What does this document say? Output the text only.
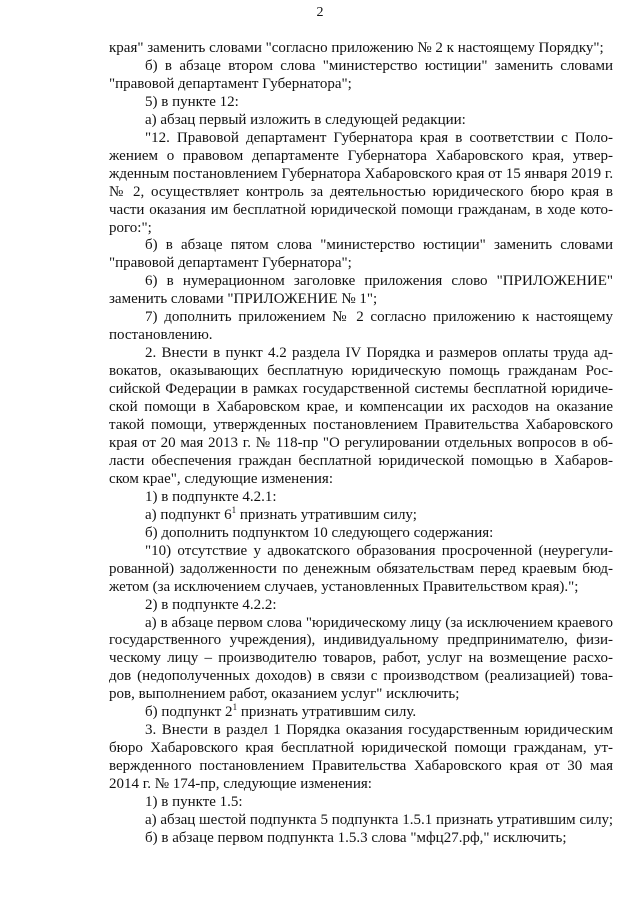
2
края" заменить словами "согласно приложению № 2 к настоящему Порядку";
б) в абзаце втором слова "министерство юстиции" заменить словами
"правовой департамент Губернатора";
5) в пункте 12:
а) абзац первый изложить в следующей редакции:
"12. Правовой департамент Губернатора края в соответствии с Поло-
жением о правовом департаменте Губернатора Хабаровского края, утвер-
жденным постановлением Губернатора Хабаровского края от 15 января 2019 г.
№ 2, осуществляет контроль за деятельностью юридического бюро края в
части оказания им бесплатной юридической помощи гражданам, в ходе кото-
рого:";
б) в абзаце пятом слова "министерство юстиции" заменить словами
"правовой департамент Губернатора";
6) в нумерационном заголовке приложения слово "ПРИЛОЖЕНИЕ"
заменить словами "ПРИЛОЖЕНИЕ № 1";
7) дополнить приложением № 2 согласно приложению к настоящему
постановлению.
2. Внести в пункт 4.2 раздела IV Порядка и размеров оплаты труда ад-
вокатов, оказывающих бесплатную юридическую помощь гражданам Рос-
сийской Федерации в рамках государственной системы бесплатной юридиче-
ской помощи в Хабаровском крае, и компенсации их расходов на оказание
такой помощи, утвержденных постановлением Правительства Хабаровского
края от 20 мая 2013 г. № 118-пр "О регулировании отдельных вопросов в об-
ласти обеспечения граждан бесплатной юридической помощью в Хабаров-
ском крае", следующие изменения:
1) в подпункте 4.2.1:
а) подпункт $6^1$ признать утратившим силу;
б) дополнить подпунктом 10 следующего содержания:
"10) отсутствие у адвокатского образования просроченной (неурегули-
рованной) задолженности по денежным обязательствам перед краевым бюд-
жетом (за исключением случаев, установленных Правительством края).";
2) в подпункте 4.2.2:
а) в абзаце первом слова "юридическому лицу (за исключением краевого
государственного учреждения), индивидуальному предпринимателю, физи-
ческому лицу – производителю товаров, работ, услуг на возмещение расхо-
дов (недополученных доходов) в связи с производством (реализацией) това-
ров, выполнением работ, оказанием услуг" исключить;
б) подпункт $2^1$ признать утратившим силу.
3. Внести в раздел 1 Порядка оказания государственным юридическим
бюро Хабаровского края бесплатной юридической помощи гражданам, ут-
вержденного постановлением Правительства Хабаровского края от 30 мая
2014 г. № 174-пр, следующие изменения:
1) в пункте 1.5:
а) абзац шестой подпункта 5 подпункта 1.5.1 признать утратившим силу;
б) в абзаце первом подпункта 1.5.3 слова "мфц27.рф," исключить;
